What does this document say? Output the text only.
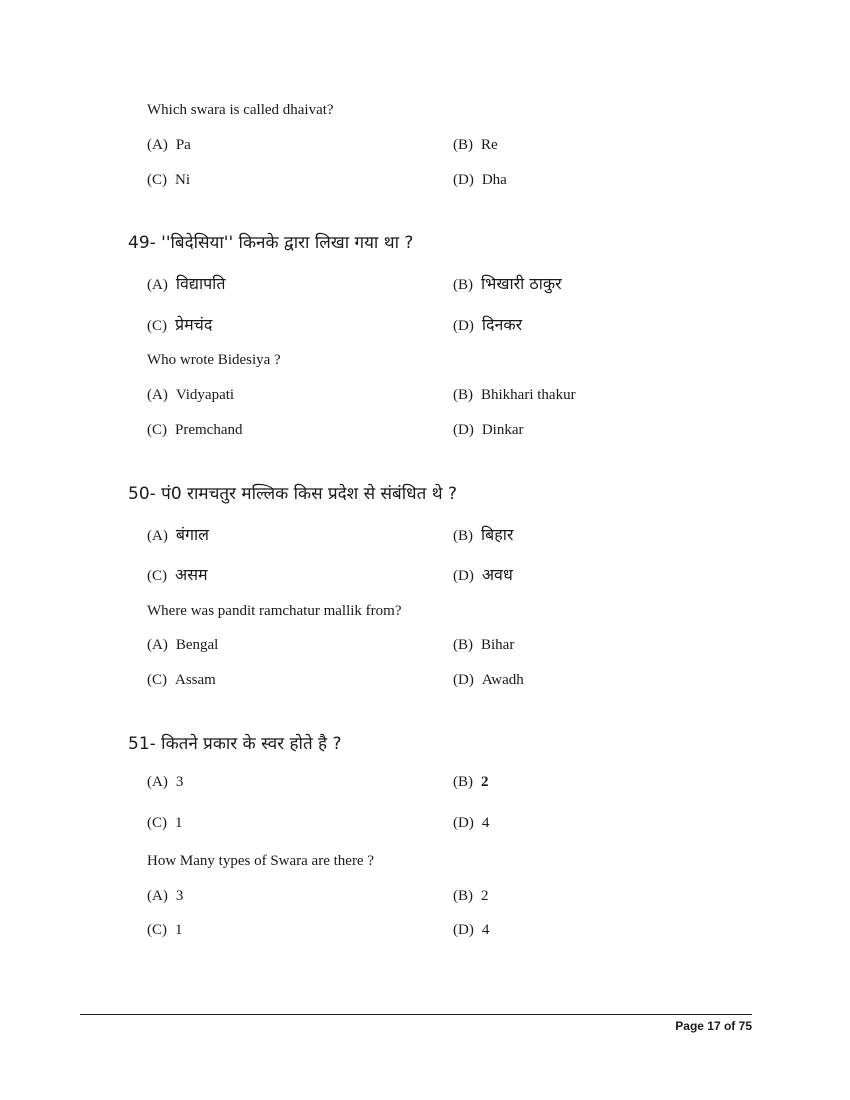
Which swara is called dhaivat?
(A) Pa	(B) Re
(C) Ni	(D) Dha
49- ''बिदेसिया'' किनके द्वारा लिखा गया था ?
(A) विद्यापति	(B) भिखारी ठाकुर
(C) प्रेमचंद	(D) दिनकर
Who wrote Bidesiya ?
(A) Vidyapati	(B) Bhikhari thakur
(C) Premchand	(D) Dinkar
50- पं0 रामचतुर मल्लिक किस प्रदेश से संबंधित थे ?
(A) बंगाल	(B) बिहार
(C) असम	(D) अवध
Where was pandit ramchatur mallik from?
(A) Bengal	(B) Bihar
(C) Assam	(D) Awadh
51- कितने प्रकार के स्वर होते है ?
(A) 3	(B) 2
(C) 1	(D) 4
How Many types of Swara are there ?
(A) 3	(B) 2
(C) 1	(D) 4
Page 17 of 75
